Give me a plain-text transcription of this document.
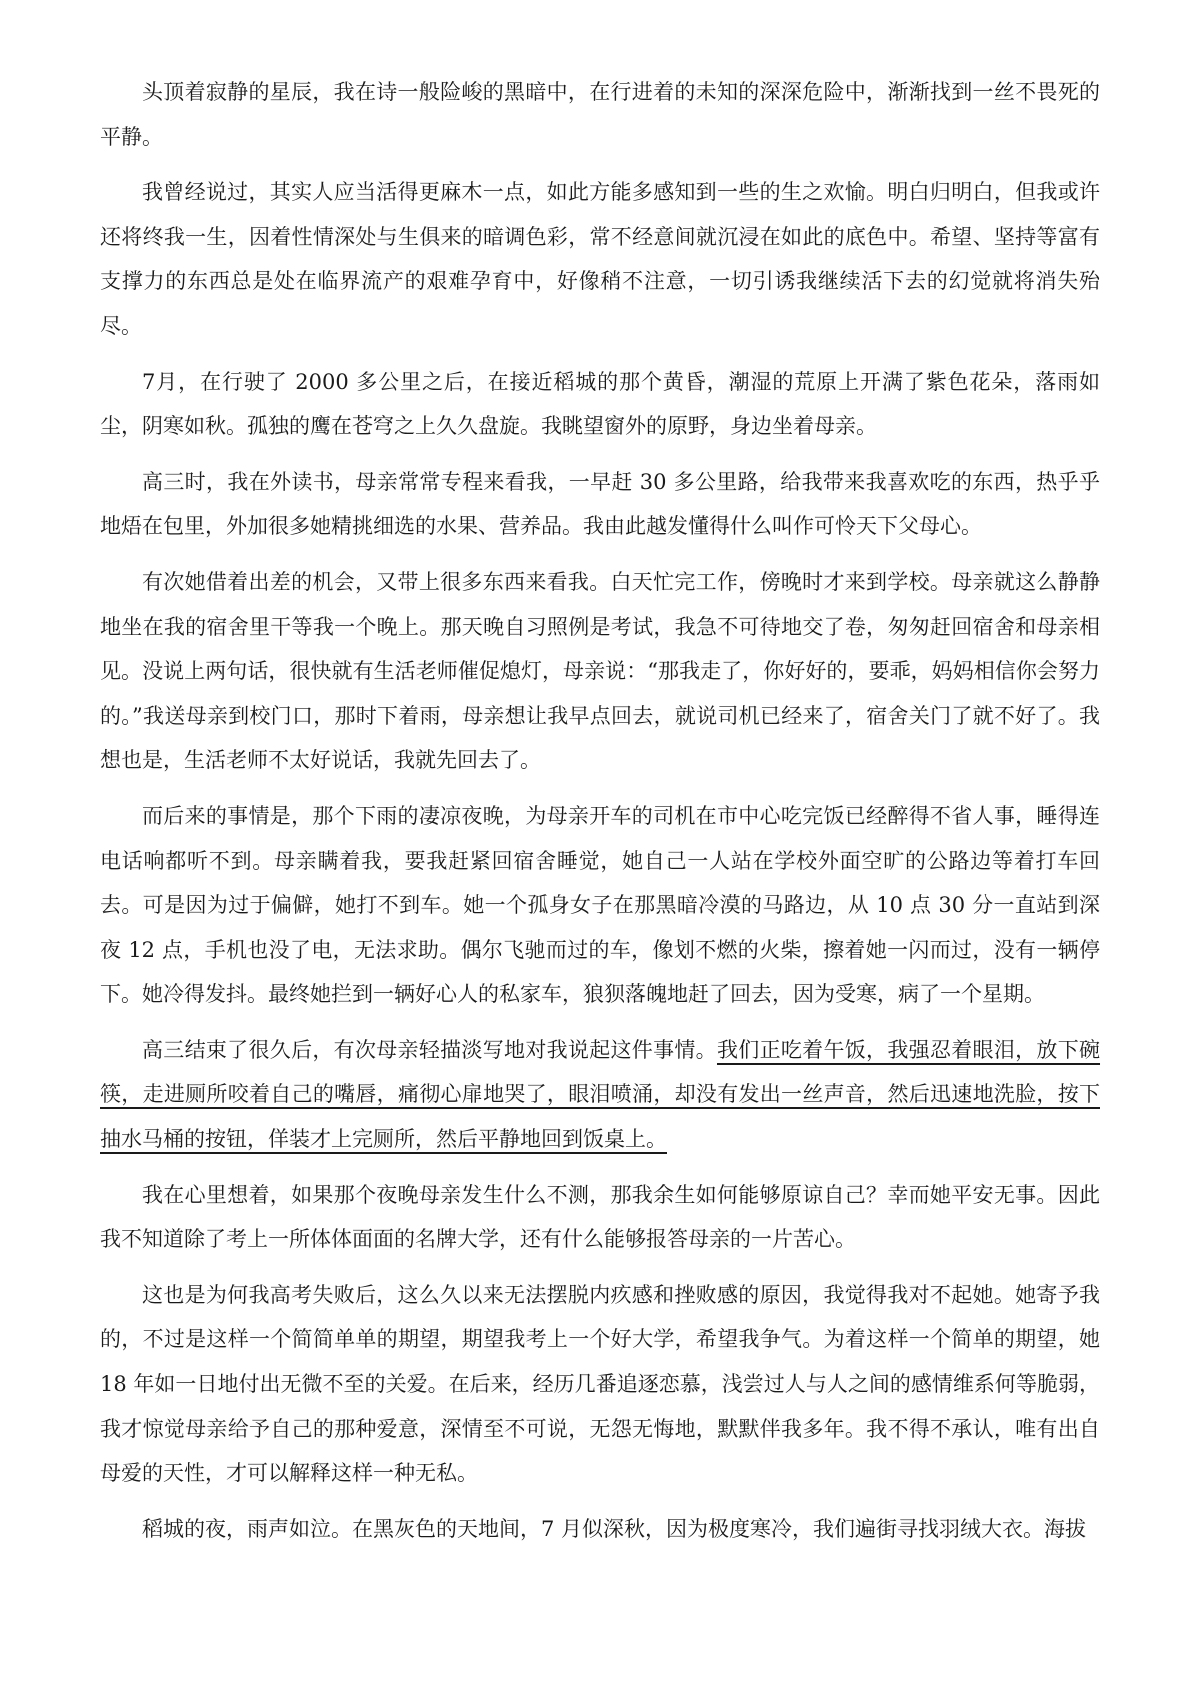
头顶着寂静的星辰，我在诗一般险峻的黑暗中，在行进着的未知的深深危险中，渐渐找到一丝不畏死的平静。

我曾经说过，其实人应当活得更麻木一点，如此方能多感知到一些的生之欢愉。明白归明白，但我或许还将终我一生，因着性情深处与生俱来的暗调色彩，常不经意间就沉浸在如此的底色中。希望、坚持等富有支撑力的东西总是处在临界流产的艰难孕育中，好像稍不注意，一切引诱我继续活下去的幻觉就将消失殆尽。

7月，在行驶了 2000 多公里之后，在接近稻城的那个黄昏，潮湿的荒原上开满了紫色花朵，落雨如尘，阴寒如秋。孤独的鹰在苍穹之上久久盘旋。我眺望窗外的原野，身边坐着母亲。

高三时，我在外读书，母亲常常专程来看我，一早赶 30 多公里路，给我带来我喜欢吃的东西，热乎乎地焐在包里，外加很多她精挑细选的水果、营养品。我由此越发懂得什么叫作可怜天下父母心。

有次她借着出差的机会，又带上很多东西来看我。白天忙完工作，傍晚时才来到学校。母亲就这么静静地坐在我的宿舍里干等我一个晚上。那天晚自习照例是考试，我急不可待地交了卷，匆匆赶回宿舍和母亲相见。没说上两句话，很快就有生活老师催促熄灯，母亲说：“那我走了，你好好的，要乖，妈妈相信你会努力的。”我送母亲到校门口，那时下着雨，母亲想让我早点回去，就说司机已经来了，宿舍关门了就不好了。我想也是，生活老师不太好说话，我就先回去了。

而后来的事情是，那个下雨的凄凉夜晚，为母亲开车的司机在市中心吃完饭已经醉得不省人事，睡得连电话响都听不到。母亲瞒着我，要我赶紧回宿舍睡觉，她自己一人站在学校外面空旷的公路边等着打车回去。可是因为过于偏僻，她打不到车。她一个孤身女子在那黑暗冷漠的马路边，从 10 点 30 分一直站到深夜 12 点，手机也没了电，无法求助。偶尔飞驰而过的车，像划不燃的火柴，擦着她一闪而过，没有一辆停下。她冷得发抖。最终她拦到一辆好心人的私家车，狼狈落魄地赶了回去，因为受寒，病了一个星期。

高三结束了很久后，有次母亲轻描淡写地对我说起这件事情。我们正吃着午饭，我强忍着眼泪，放下碗筷，走进厕所咬着自己的嘴唇，痛彻心扉地哭了，眼泪喷涌，却没有发出一丝声音，然后迅速地洗脸，按下抽水马桶的按钮，佯装才上完厕所，然后平静地回到饭桌上。

我在心里想着，如果那个夜晚母亲发生什么不测，那我余生如何能够原谅自己？幸而她平安无事。因此我不知道除了考上一所体体面面的名牌大学，还有什么能够报答母亲的一片苦心。

这也是为何我高考失败后，这么久以来无法摆脱内疚感和挫败感的原因，我觉得我对不起她。她寄予我的，不过是这样一个简简单单的期望，期望我考上一个好大学，希望我争气。为着这样一个简单的期望，她 18 年如一日地付出无微不至的关爱。在后来，经历几番追逐恋慕，浅尝过人与人之间的感情维系何等脆弱，我才惊觉母亲给予自己的那种爱意，深情至不可说，无怨无悔地，默默伴我多年。我不得不承认，唯有出自母爱的天性，才可以解释这样一种无私。

稻城的夜，雨声如泣。在黑灰色的天地间，7 月似深秋，因为极度寒冷，我们遍街寻找羽绒大衣。海拔
